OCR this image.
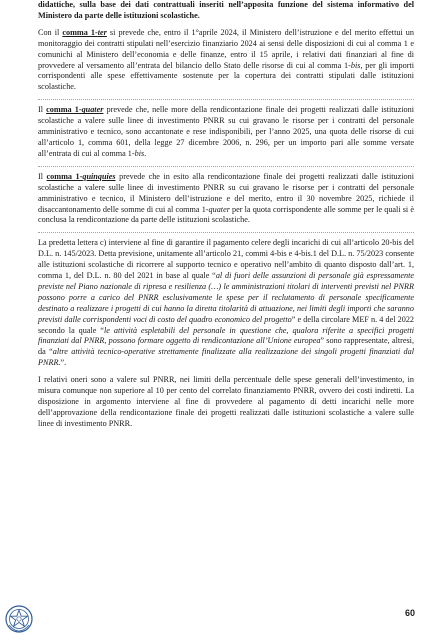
didattiche, sulla base dei dati contrattuali inseriti nell’apposita funzione del sistema informativo del Ministero da parte delle istituzioni scolastiche.

Con il comma 1-ter si prevede che, entro il 1°aprile 2024, il Ministero dell’istruzione e del merito effettui un monitoraggio dei contratti stipulati nell’esercizio finanziario 2024 ai sensi delle disposizioni di cui al comma 1 e comunichi al Ministero dell’economia e delle finanze, entro il 15 aprile, i relativi dati finanziari al fine di provvedere al versamento all’entrata del bilancio dello Stato delle risorse di cui al comma 1-bis, per gli importi corrispondenti alle spese effettivamente sostenute per la copertura dei contratti stipulati dalle istituzioni scolastiche.

Il comma 1-quater prevede che, nelle more della rendicontazione finale dei progetti realizzati dalle istituzioni scolastiche a valere sulle linee di investimento PNRR su cui gravano le risorse per i contratti del personale amministrativo e tecnico, sono accantonate e rese indisponibili, per l’anno 2025, una quota delle risorse di cui all’articolo 1, comma 601, della legge 27 dicembre 2006, n. 296, per un importo pari alle somme versate all’entrata di cui al comma 1-bis.

Il comma 1-quinquies prevede che in esito alla rendicontazione finale dei progetti realizzati dalle istituzioni scolastiche a valere sulle linee di investimento PNRR su cui gravano le risorse per i contratti del personale amministrativo e tecnico, il Ministero dell’istruzione e del merito, entro il 30 novembre 2025, richiede il disaccantonamento delle somme di cui al comma 1-quater per la quota corrispondente alle somme per le quali si è conclusa la rendicontazione da parte delle istituzioni scolastiche.

La predetta lettera c) interviene al fine di garantire il pagamento celere degli incarichi di cui all’articolo 20-bis del D.L. n. 145/2023. Detta previsione, unitamente all’articolo 21, commi 4-bis e 4-bis.1 del D.L. n. 75/2023 consente alle istituzioni scolastiche di ricorrere al supporto tecnico e operativo nell’ambito di quanto disposto dall’art. 1, comma 1, del D.L. n. 80 del 2021 in base al quale “al di fuori delle assunzioni di personale già espressamente previste nel Piano nazionale di ripresa e resilienza (…) le amministrazioni titolari di interventi previsti nel PNRR possono porre a carico del PNRR esclusivamente le spese per il reclutamento di personale specificamente destinato a realizzare i progetti di cui hanno la diretta titolarità di attuazione, nei limiti degli importi che saranno previsti dalle corrispondenti voci di costo del quadro economico del progetto” e della circolare MEF n. 4 del 2022 secondo la quale “le attività espletabili del personale in questione che, qualora riferite a specifici progetti finanziati dal PNRR, possono formare oggetto di rendicontazione all’Unione europea” sono rappresentate, altresì, da “altre attività tecnico-operative strettamente finalizzate alla realizzazione dei singoli progetti finanziati dal PNRR.”.

I relativi oneri sono a valere sul PNRR, nei limiti della percentuale delle spese generali dell’investimento, in misura comunque non superiore al 10 per cento del correlato finanziamento PNRR, ovvero dei costi indiretti. La disposizione in argomento interviene al fine di provvedere al pagamento di detti incarichi nelle more dell’approvazione della rendicontazione finale dei progetti realizzati dalle istituzioni scolastiche a valere sulle linee di investimento PNRR.

60
